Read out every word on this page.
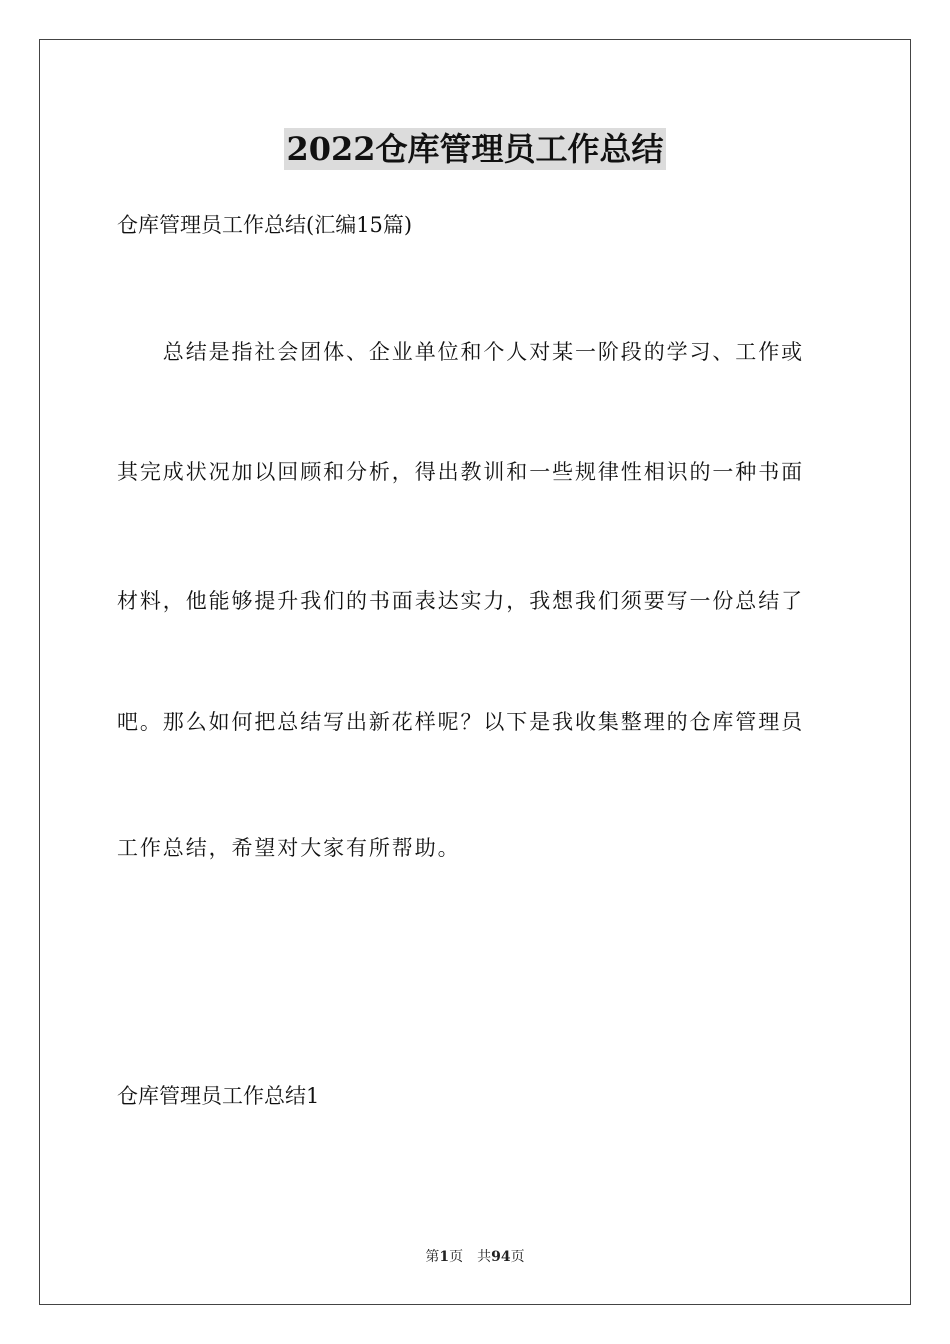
2022仓库管理员工作总结
仓库管理员工作总结(汇编15篇)
　　总结是指社会团体、企业单位和个人对某一阶段的学习、工作或
其完成状况加以回顾和分析，得出教训和一些规律性相识的一种书面
材料，他能够提升我们的书面表达实力，我想我们须要写一份总结了
吧。那么如何把总结写出新花样呢？以下是我收集整理的仓库管理员
工作总结，希望对大家有所帮助。
仓库管理员工作总结1
第1页　共94页
